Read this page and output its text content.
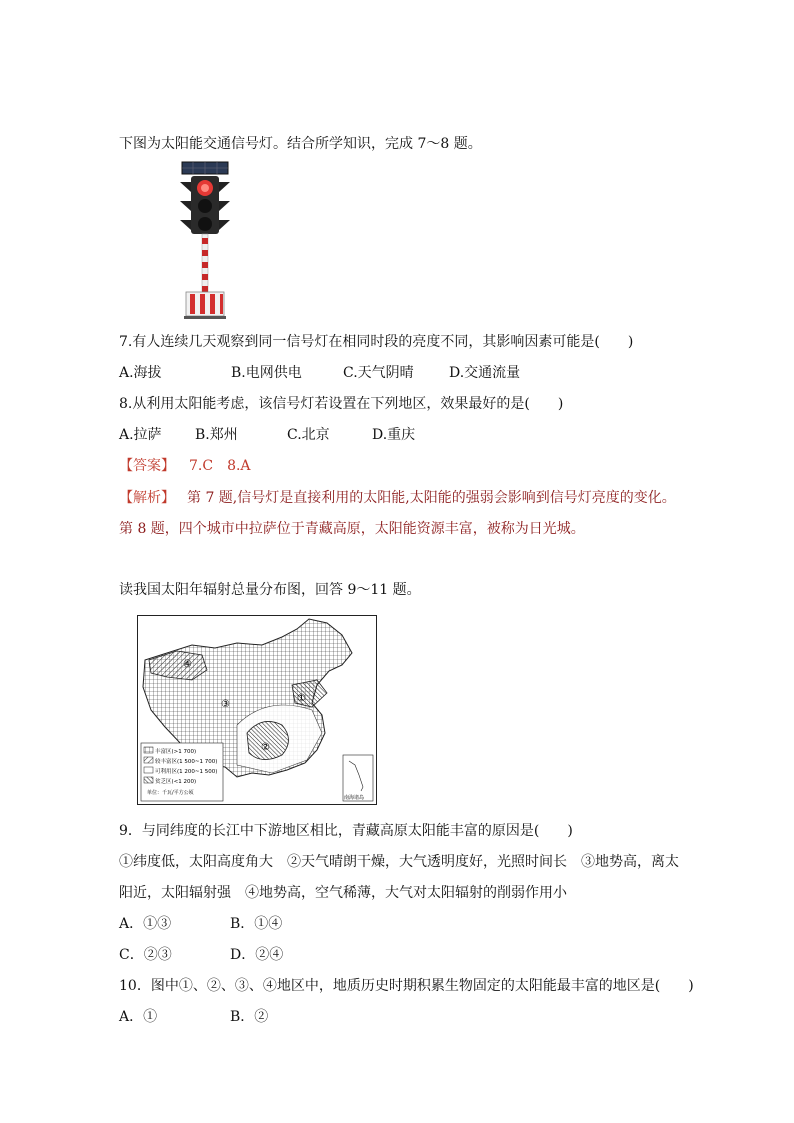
下图为太阳能交通信号灯。结合所学知识，完成 7～8 题。
7.有人连续几天观察到同一信号灯在相同时段的亮度不同，其影响因素可能是(　　)
A.海拔	B.电网供电	C.天气阴晴	D.交通流量
8.从利用太阳能考虑，该信号灯若设置在下列地区，效果最好的是(　　)
A.拉萨 B.郑州	C.北京	D.重庆
【答案】 7.C　8.A
【解析】 第 7 题,信号灯是直接利用的太阳能,太阳能的强弱会影响到信号灯亮度的变化。
第 8 题，四个城市中拉萨位于青藏高原，太阳能资源丰富，被称为日光城。
读我国太阳年辐射总量分布图，回答 9～11 题。
④
③
①
②
丰富区(>1 700)
较丰富区(1 500~1 700)
可利用区(1 200~1 500)
贫乏区(<1 200)
单位：千瓦/平方公顷
南海诸岛
9．与同纬度的长江中下游地区相比，青藏高原太阳能丰富的原因是(　　)
①纬度低，太阳高度角大　②天气晴朗干燥，大气透明度好，光照时间长　③地势高，离太
阳近，太阳辐射强　④地势高，空气稀薄，大气对太阳辐射的削弱作用小
A．①③	B．①④
C．②③	D．②④
10．图中①、②、③、④地区中，地质历史时期积累生物固定的太阳能最丰富的地区是(　　)
A．①	B．②
